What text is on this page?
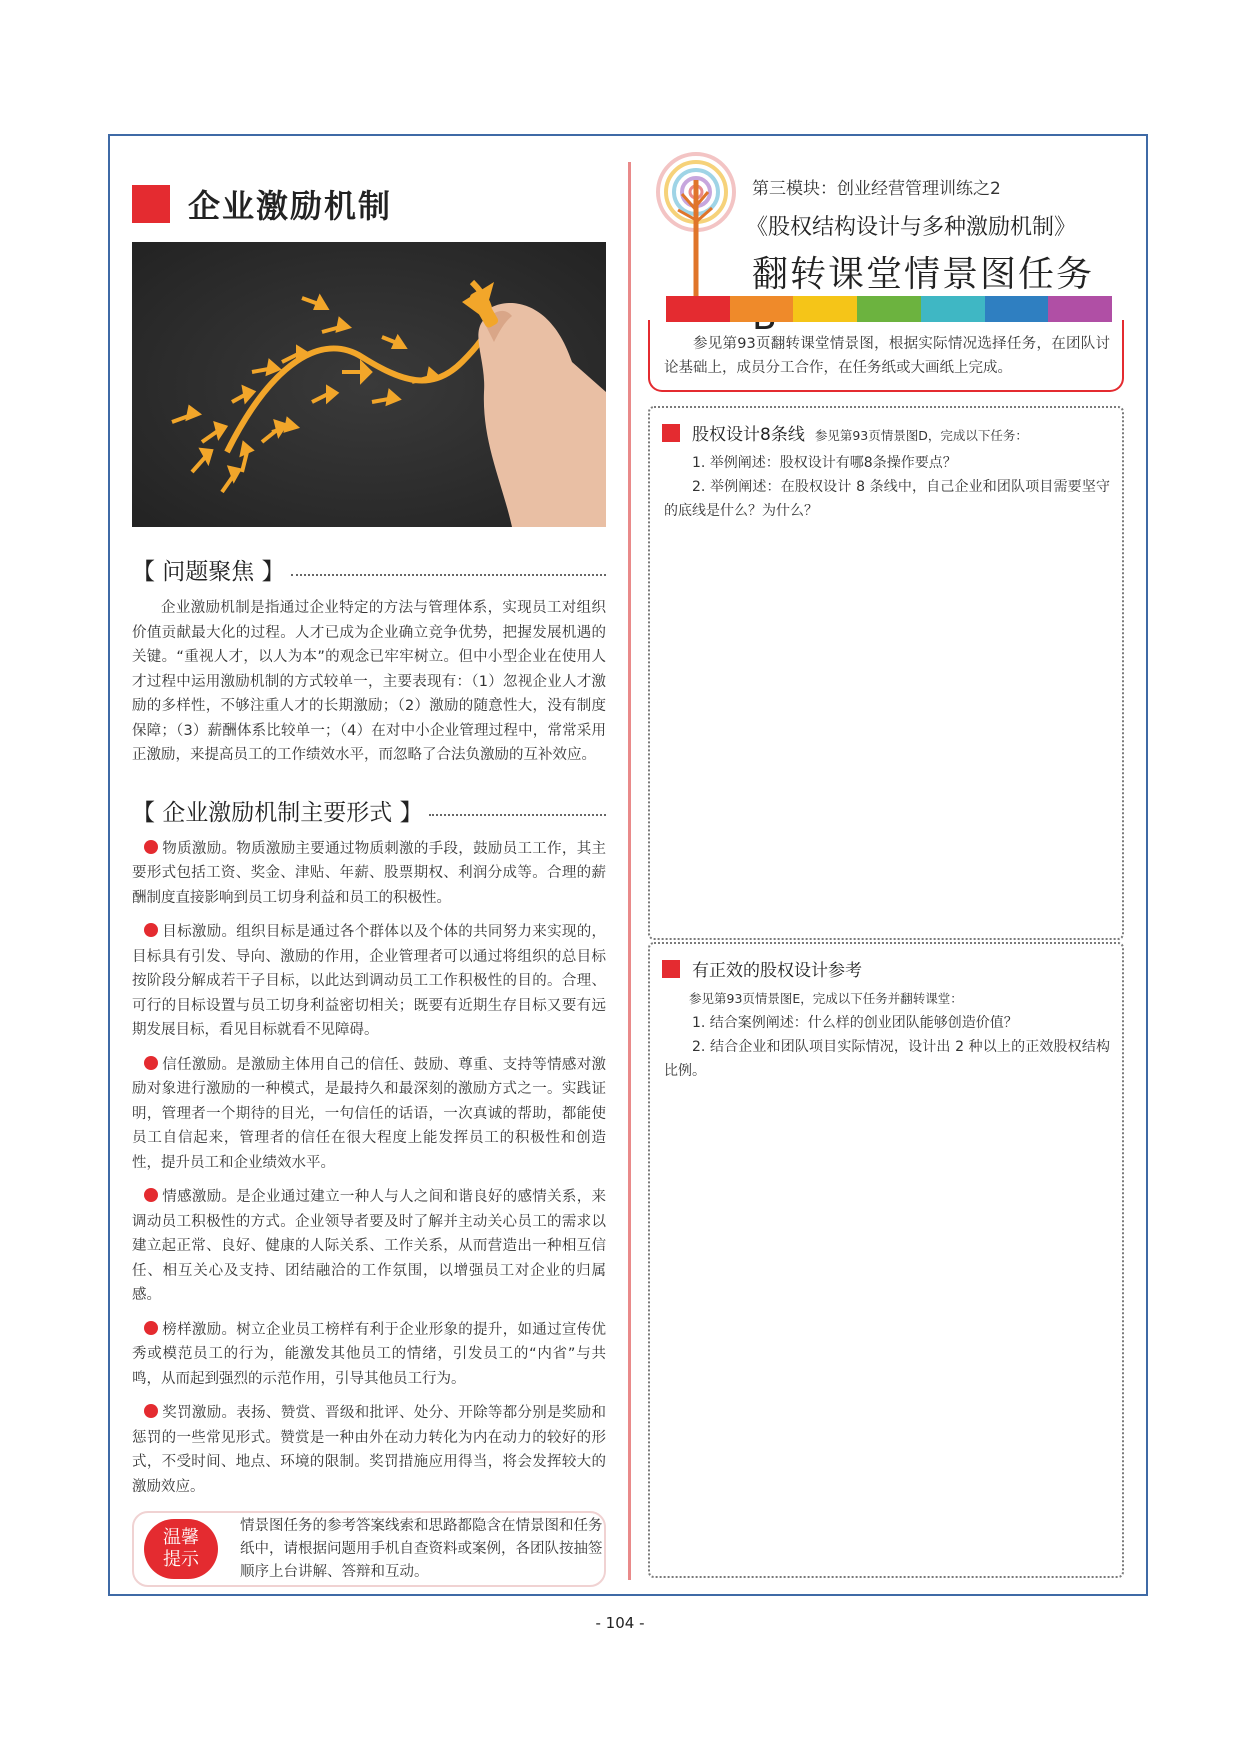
企业激励机制
【 问题聚焦 】

企业激励机制是指通过企业特定的方法与管理体系，实现员工对组织价值贡献最大化的过程。人才已成为企业确立竞争优势，把握发展机遇的关键。“重视人才，以人为本”的观念已牢牢树立。但中小型企业在使用人才过程中运用激励机制的方式较单一，主要表现有：（1）忽视企业人才激励的多样性，不够注重人才的长期激励；（2）激励的随意性大，没有制度保障；（3）薪酬体系比较单一；（4）在对中小企业管理过程中，常常采用正激励，来提高员工的工作绩效水平，而忽略了合法负激励的互补效应。

【 企业激励机制主要形式 】

物质激励。物质激励主要通过物质刺激的手段，鼓励员工工作，其主要形式包括工资、奖金、津贴、年薪、股票期权、利润分成等。合理的薪酬制度直接影响到员工切身利益和员工的积极性。

目标激励。组织目标是通过各个群体以及个体的共同努力来实现的，目标具有引发、导向、激励的作用，企业管理者可以通过将组织的总目标按阶段分解成若干子目标，以此达到调动员工工作积极性的目的。合理、可行的目标设置与员工切身利益密切相关；既要有近期生存目标又要有远期发展目标，看见目标就看不见障碍。

信任激励。是激励主体用自己的信任、鼓励、尊重、支持等情感对激励对象进行激励的一种模式，是最持久和最深刻的激励方式之一。实践证明，管理者一个期待的目光，一句信任的话语，一次真诚的帮助，都能使员工自信起来，管理者的信任在很大程度上能发挥员工的积极性和创造性，提升员工和企业绩效水平。

情感激励。是企业通过建立一种人与人之间和谐良好的感情关系，来调动员工积极性的方式。企业领导者要及时了解并主动关心员工的需求以建立起正常、良好、健康的人际关系、工作关系，从而营造出一种相互信任、相互关心及支持、团结融洽的工作氛围，以增强员工对企业的归属感。

榜样激励。树立企业员工榜样有利于企业形象的提升，如通过宣传优秀或模范员工的行为，能激发其他员工的情绪，引发员工的“内省”与共鸣，从而起到强烈的示范作用，引导其他员工行为。

奖罚激励。表扬、赞赏、晋级和批评、处分、开除等都分别是奖励和惩罚的一些常见形式。赞赏是一种由外在动力转化为内在动力的较好的形式，不受时间、地点、环境的限制。奖罚措施应用得当，将会发挥较大的激励效应。

温馨
提示
情景图任务的参考答案线索和思路都隐含在情景图和任务纸中，请根据问题用手机自查资料或案例，各团队按抽签顺序上台讲解、答辩和互动。
第三模块：创业经营管理训练之2
《股权结构设计与多种激励机制》
翻转课堂情景图任务
参见第93页翻转课堂情景图，根据实际情况选择任务，在团队讨论基础上，成员分工合作，在任务纸或大画纸上完成。
股权设计8条线 参见第93页情景图D，完成以下任务：
1. 举例阐述：股权设计有哪8条操作要点？
2. 举例阐述：在股权设计 8 条线中，自己企业和团队项目需要坚守的底线是什么？为什么？
有正效的股权设计参考
参见第93页情景图E，完成以下任务并翻转课堂：
1. 结合案例阐述：什么样的创业团队能够创造价值？
2. 结合企业和团队项目实际情况，设计出 2 种以上的正效股权结构比例。
- 104 -
